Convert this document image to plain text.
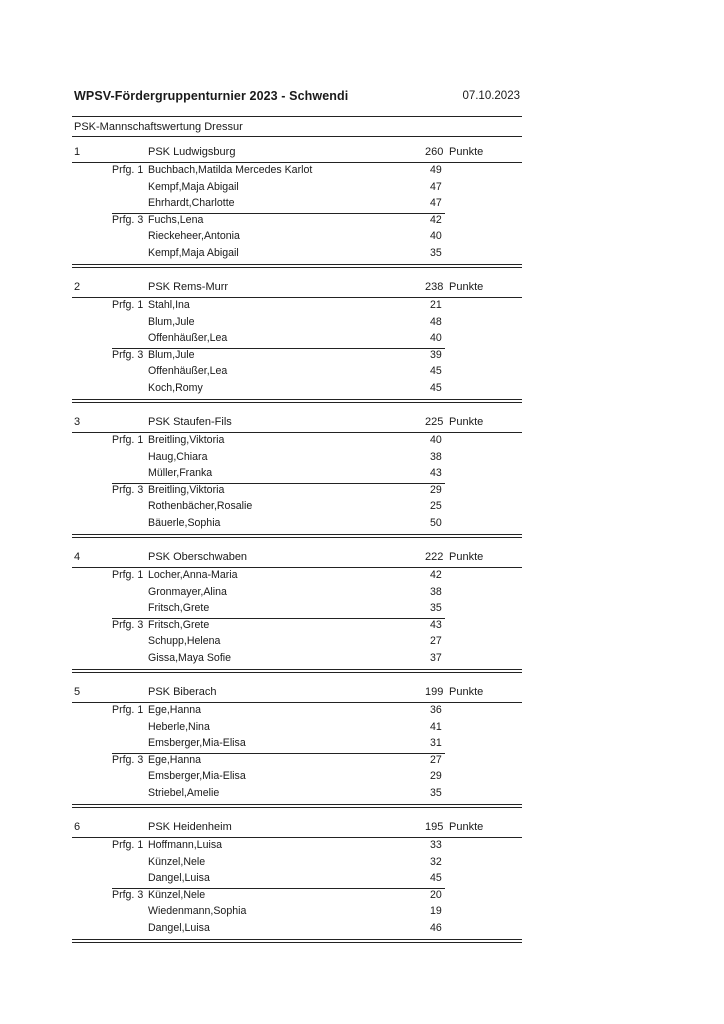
WPSV-Fördergruppenturnier 2023 - Schwendi	07.10.2023
PSK-Mannschaftswertung Dressur
1	PSK Ludwigsburg	260 Punkte
Prfg. 1 Buchbach,Matilda Mercedes Karlot	49
Kempf,Maja Abigail	47
Ehrhardt,Charlotte	47
Prfg. 3 Fuchs,Lena	42
Rieckeheer,Antonia	40
Kempf,Maja Abigail	35
2	PSK Rems-Murr	238 Punkte
Prfg. 1 Stahl,Ina	21
Blum,Jule	48
Offenhäußer,Lea	40
Prfg. 3 Blum,Jule	39
Offenhäußer,Lea	45
Koch,Romy	45
3	PSK Staufen-Fils	225 Punkte
Prfg. 1 Breitling,Viktoria	40
Haug,Chiara	38
Müller,Franka	43
Prfg. 3 Breitling,Viktoria	29
Rothenbächer,Rosalie	25
Bäuerle,Sophia	50
4	PSK Oberschwaben	222 Punkte
Prfg. 1 Locher,Anna-Maria	42
Gronmayer,Alina	38
Fritsch,Grete	35
Prfg. 3 Fritsch,Grete	43
Schupp,Helena	27
Gissa,Maya Sofie	37
5	PSK Biberach	199 Punkte
Prfg. 1 Ege,Hanna	36
Heberle,Nina	41
Emsberger,Mia-Elisa	31
Prfg. 3 Ege,Hanna	27
Emsberger,Mia-Elisa	29
Striebel,Amelie	35
6	PSK Heidenheim	195 Punkte
Prfg. 1 Hoffmann,Luisa	33
Künzel,Nele	32
Dangel,Luisa	45
Prfg. 3 Künzel,Nele	20
Wiedenmann,Sophia	19
Dangel,Luisa	46
